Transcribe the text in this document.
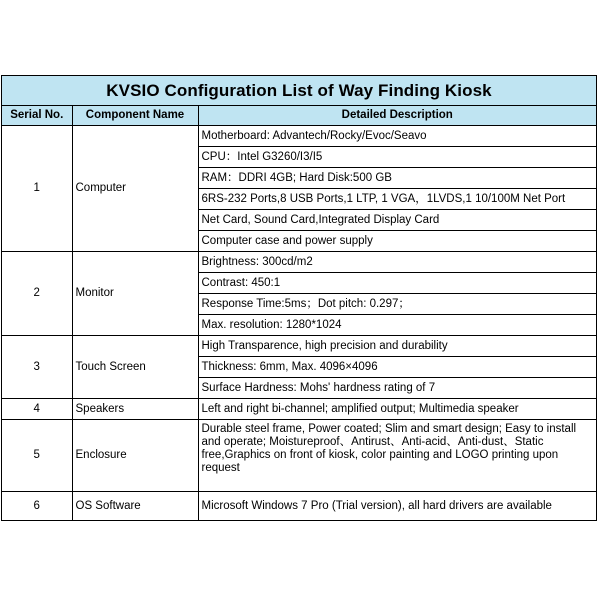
KVSIO Configuration List of Way Finding Kiosk
Serial No.	Component Name	Detailed Description
1	Computer	Motherboard: Advantech/Rocky/Evoc/Seavo
		CPU：Intel G3260/I3/I5
		RAM：DDRI 4GB; Hard Disk:500 GB
		6RS-232 Ports,8 USB Ports,1 LTP, 1 VGA，1LVDS,1 10/100M Net Port
		Net Card, Sound Card,Integrated Display Card
		Computer case and power supply
2	Monitor	Brightness: 300cd/m2
		Contrast: 450:1
		Response Time:5ms；Dot pitch: 0.297；
		Max. resolution: 1280*1024
3	Touch Screen	High Transparence, high precision and durability
		Thickness: 6mm, Max. 4096×4096
		Surface Hardness: Mohs' hardness rating of 7
4	Speakers	Left and right bi-channel; amplified output; Multimedia speaker
5	Enclosure	Durable steel frame, Power coated; Slim and smart design; Easy to install and operate; Moistureproof、Antirust、Anti-acid、Anti-dust、Static free,Graphics on front of kiosk, color painting and LOGO printing upon request
6	OS Software	Microsoft Windows 7 Pro (Trial version), all hard drivers are available
